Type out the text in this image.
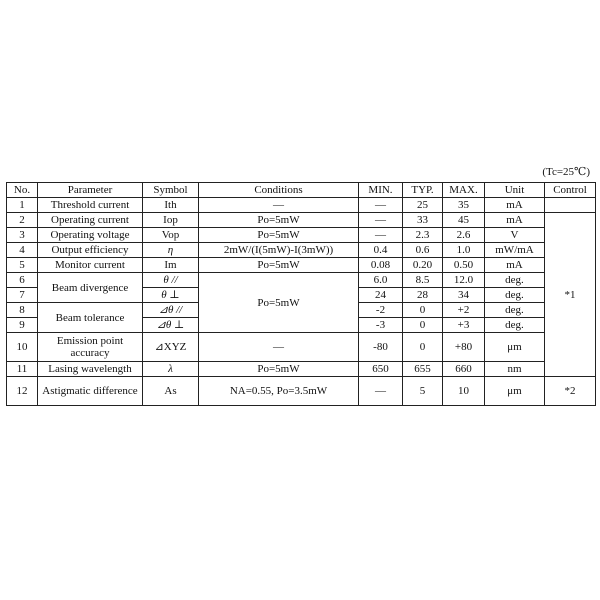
(Tc=25℃)
No.	Parameter	Symbol	Conditions	MIN.	TYP.	MAX.	Unit	Control
1	Threshold current	Ith	—	—	25	35	mA	
2	Operating current	Iop	Po=5mW	—	33	45	mA	*1
3	Operating voltage	Vop	Po=5mW	—	2.3	2.6	V	
4	Output efficiency	η	2mW/(I(5mW)-I(3mW))	0.4	0.6	1.0	mW/mA	
5	Monitor current	Im	Po=5mW	0.08	0.20	0.50	mA	
6	Beam divergence	θ //	Po=5mW	6.0	8.5	12.0	deg.	
7		θ ⊥		24	28	34	deg.	
8	Beam tolerance	⊿θ //		-2	0	+2	deg.	
9		⊿θ ⊥		-3	0	+3	deg.	
10	Emission point accuracy	⊿XYZ	—	-80	0	+80	μm	
11	Lasing wavelength	λ	Po=5mW	650	655	660	nm	
12	Astigmatic difference	As	NA=0.55, Po=3.5mW	—	5	10	μm	*2
